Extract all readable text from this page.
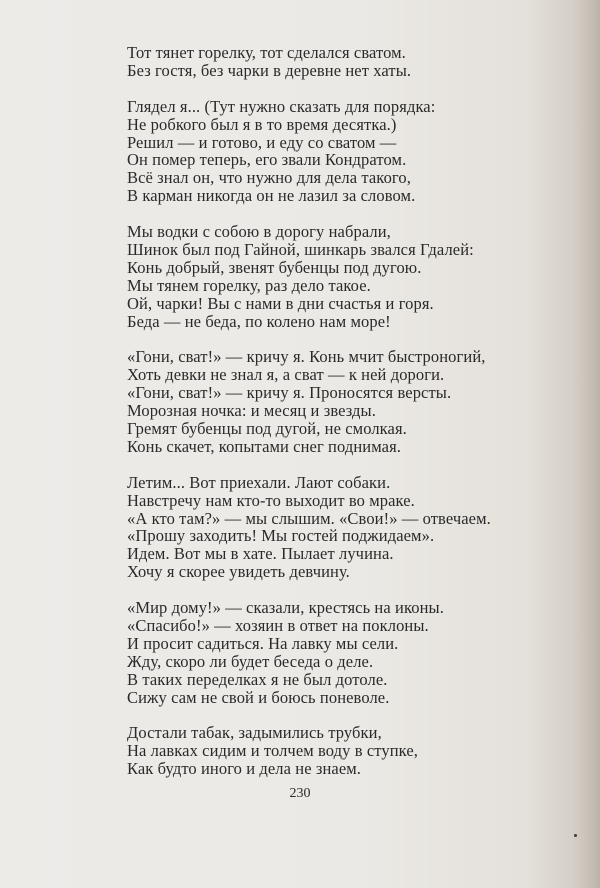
Тот тянет горелку, тот сделался сватом.
Без гостя, без чарки в деревне нет хаты.
Глядел я... (Тут нужно сказать для порядка:
Не робкого был я в то время десятка.)
Решил — и готово, и еду со сватом —
Он помер теперь, его звали Кондратом.
Всё знал он, что нужно для дела такого,
В карман никогда он не лазил за словом.
Мы водки с собою в дорогу набрали,
Шинок был под Гайной, шинкарь звался Гдалей:
Конь добрый, звенят бубенцы под дугою.
Мы тянем горелку, раз дело такое.
Ой, чарки! Вы с нами в дни счастья и горя.
Беда — не беда, по колено нам море!
«Гони, сват!» — кричу я. Конь мчит быстроногий,
Хоть девки не знал я, а сват — к ней дороги.
«Гони, сват!» — кричу я. Проносятся версты.
Морозная ночка: и месяц и звезды.
Гремят бубенцы под дугой, не смолкая.
Конь скачет, копытами снег поднимая.
Летим... Вот приехали. Лают собаки.
Навстречу нам кто-то выходит во мраке.
«А кто там?» — мы слышим. «Свои!» — отвечаем.
«Прошу заходить! Мы гостей поджидаем».
Идем. Вот мы в хате. Пылает лучина.
Хочу я скорее увидеть девчину.
«Мир дому!» — сказали, крестясь на иконы.
«Спасибо!» — хозяин в ответ на поклоны.
И просит садиться. На лавку мы сели.
Жду, скоро ли будет беседа о деле.
В таких переделках я не был дотоле.
Сижу сам не свой и боюсь поневоле.
Достали табак, задымились трубки,
На лавках сидим и толчем воду в ступке,
Как будто иного и дела не знаем.
230
